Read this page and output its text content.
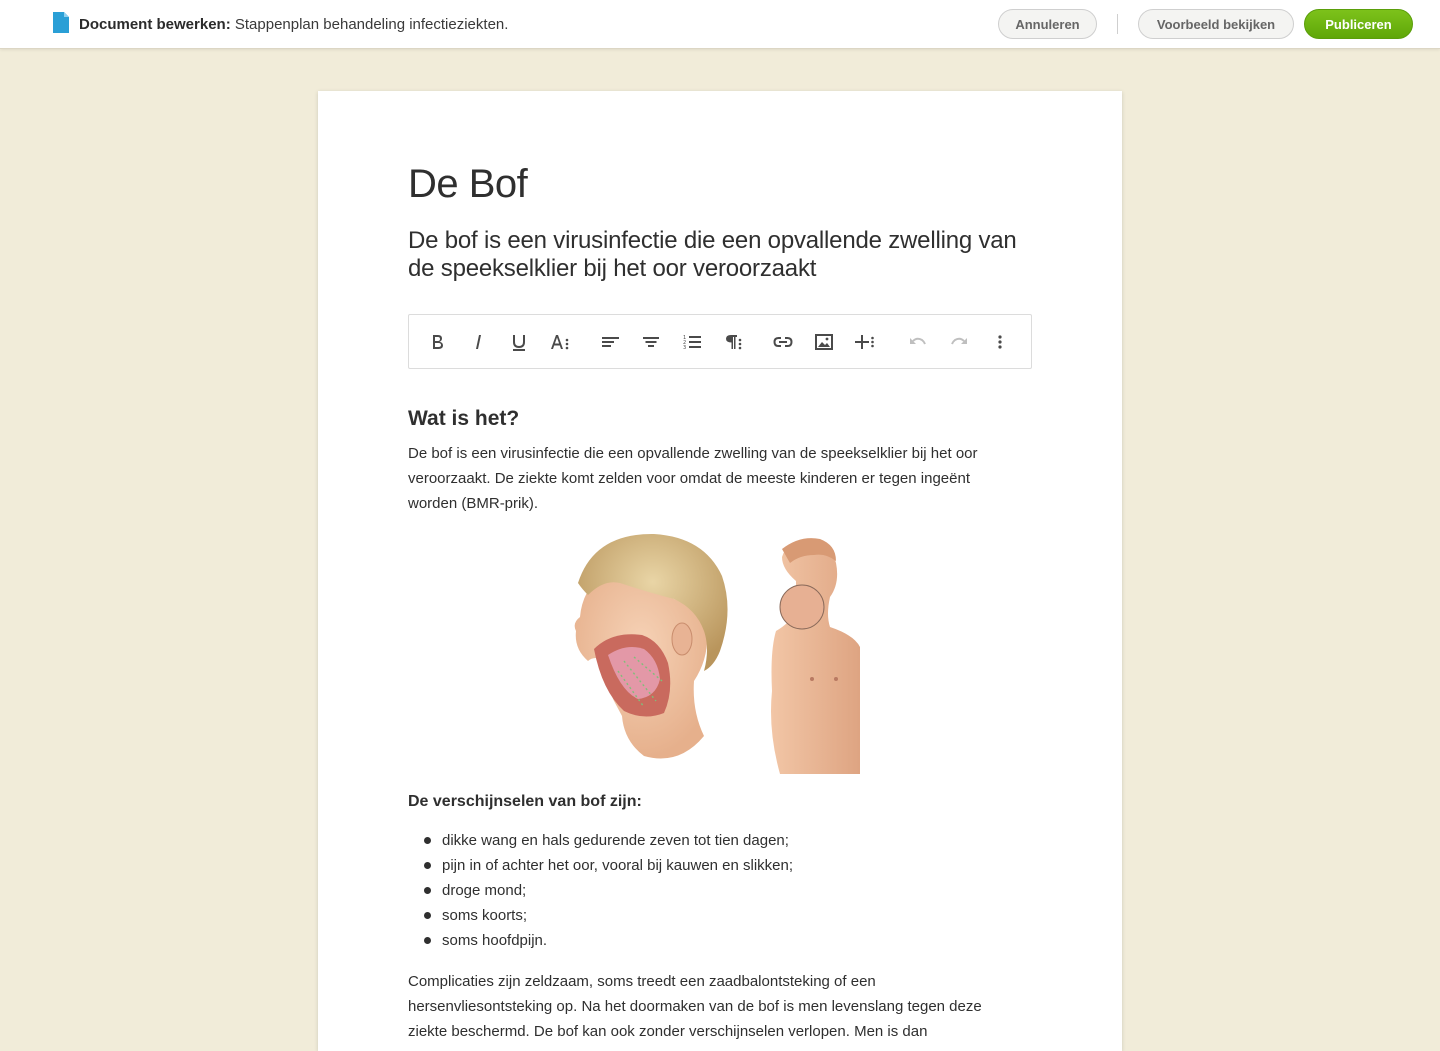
Document bewerken: Stappenplan behandeling infectieziekten.	Annuleren	Voorbeeld bekijken	Publiceren
De Bof
De bof is een virusinfectie die een opvallende zwelling van de speekselklier bij het oor veroorzaakt
1
2
3
Wat is het?
De bof is een virusinfectie die een opvallende zwelling van de speekselklier bij het oor veroorzaakt. De ziekte komt zelden voor omdat de meeste kinderen er tegen ingeënt worden (BMR-prik).
De verschijnselen van bof zijn:
dikke wang en hals gedurende zeven tot tien dagen;
pijn in of achter het oor, vooral bij kauwen en slikken;
droge mond;
soms koorts;
soms hoofdpijn.
Complicaties zijn zeldzaam, soms treedt een zaadbalontsteking of een hersenvliesontsteking op. Na het doormaken van de bof is men levenslang tegen deze ziekte beschermd. De bof kan ook zonder verschijnselen verlopen. Men is dan
